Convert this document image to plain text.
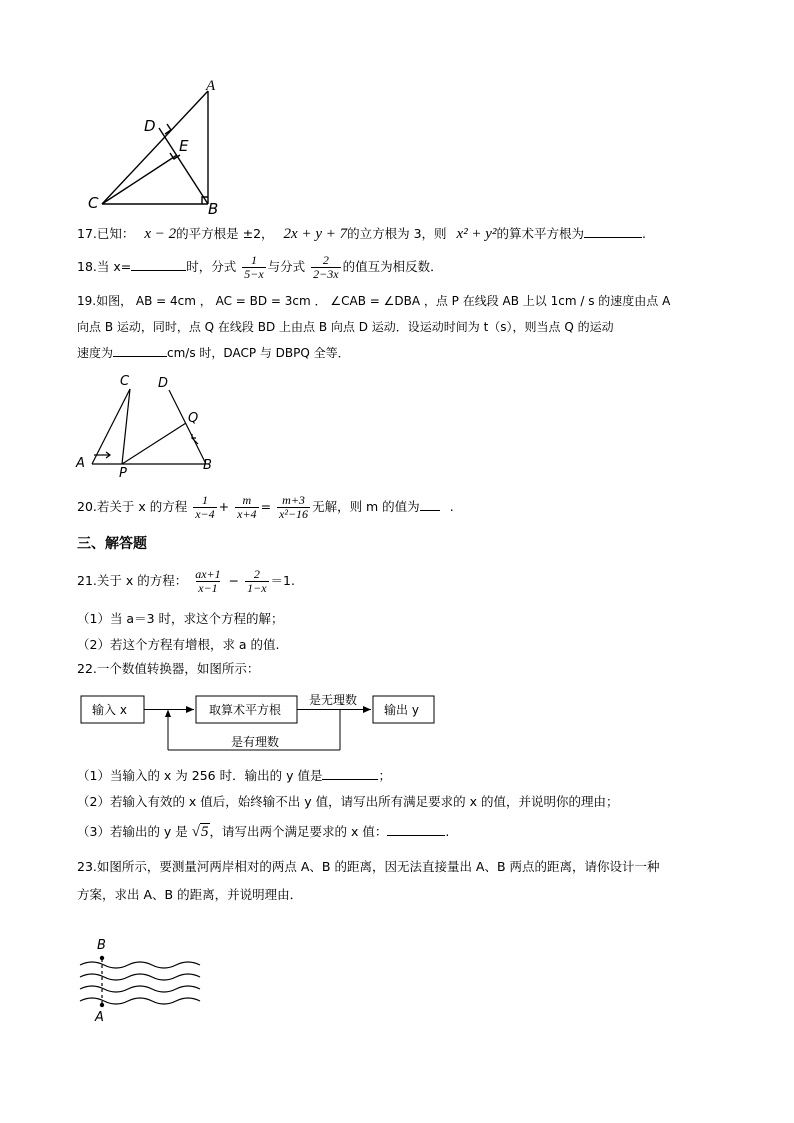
A
D
E
C	B
17.已知： x − 2的平方根是 ±2， 2x + y + 7的立方根为 3，则 x² + y²的算术平方根为	.
18.当 x=	时，分式 $\frac{1}{5-x}$ 与分式 $\frac{2}{2-3x}$ 的值互为相反数．
19.如图， AB = 4cm ， AC = BD = 3cm ． ∠CAB = ∠DBA ，点 P 在线段 AB 上以 1cm / s 的速度由点 A
向点 B 运动，同时，点 Q 在线段 BD 上由点 B 向点 D 运动．设运动时间为 t（s），则当点 Q 的运动
速度为	cm/s 时，DACP 与 DBPQ 全等．
C D
Q
A
P
B
20.若关于 x 的方程 $\frac{1}{x-4} + \frac{m}{x+4} = \frac{m+3}{\text{x²−16}}$ 无解，则 m 的值为 .
三、解答题
21.关于 x 的方程： $\frac{ax+1}{x-1} - \frac{2}{1-x} =1$.
（1）当 a＝3 时，求这个方程的解；
（2）若这个方程有增根，求 a 的值.
22.一个数值转换器，如图所示：
输入 x	取算术平方根
是无理数
输出 y
是有理数
（1）当输入的 x 为 256 时．输出的 y 值是	；
（2）若输入有效的 x 值后，始终输不出 y 值，请写出所有满足要求的 x 的值，并说明你的理由；
（3）若输出的 y 是 √5，请写出两个满足要求的 x 值：	.
23.如图所示，要测量河两岸相对的两点 A、B 的距离，因无法直接量出 A、B 两点的距离，请你设计一种
方案，求出 A、B 的距离，并说明理由．
B
A
